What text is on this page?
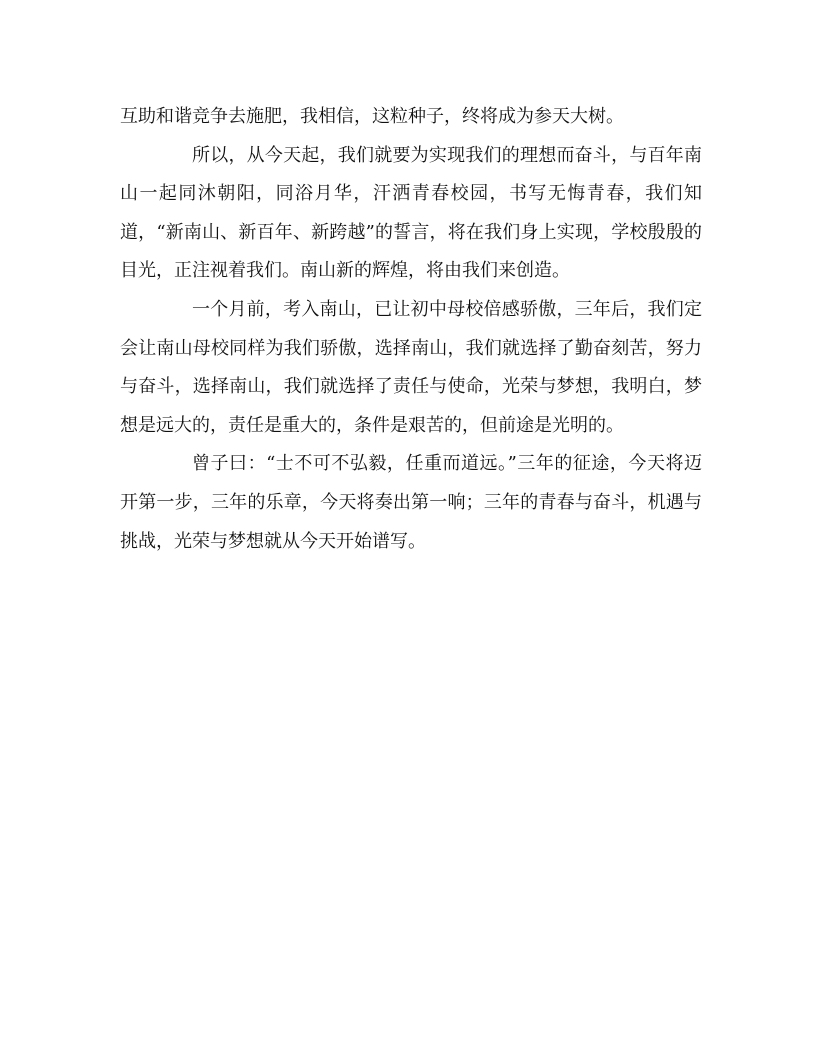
互助和谐竞争去施肥，我相信，这粒种子，终将成为参天大树。

所以，从今天起，我们就要为实现我们的理想而奋斗，与百年南山一起同沐朝阳，同浴月华，汗洒青春校园，书写无悔青春，我们知道，“新南山、新百年、新跨越”的誓言，将在我们身上实现，学校殷殷的目光，正注视着我们。南山新的辉煌，将由我们来创造。

一个月前，考入南山，已让初中母校倍感骄傲，三年后，我们定会让南山母校同样为我们骄傲，选择南山，我们就选择了勤奋刻苦，努力与奋斗，选择南山，我们就选择了责任与使命，光荣与梦想，我明白，梦想是远大的，责任是重大的，条件是艰苦的，但前途是光明的。

曾子曰：“士不可不弘毅，任重而道远。”三年的征途，今天将迈开第一步，三年的乐章，今天将奏出第一响；三年的青春与奋斗，机遇与挑战，光荣与梦想就从今天开始谱写。
